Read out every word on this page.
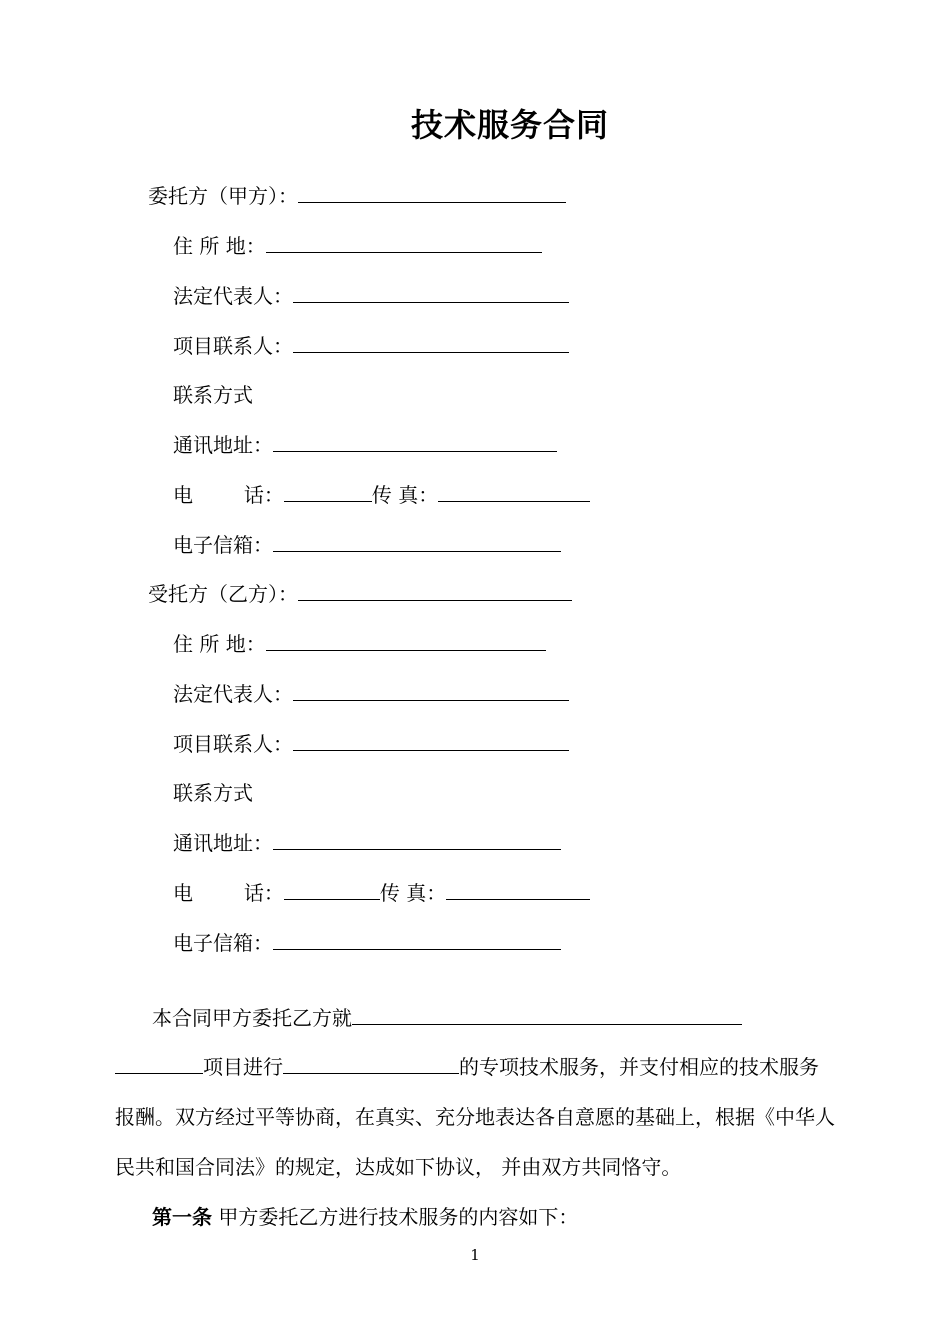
技术服务合同
委托方（甲方）：
住 所 地：
法定代表人：
项目联系人：
联系方式
通讯地址：
电        话：	传 真：
电子信箱：
受托方（乙方）：
住 所 地：
法定代表人：
项目联系人：
联系方式
通讯地址：
电        话：	传 真：
电子信箱：
本合同甲方委托乙方就
项目进行	的专项技术服务，并支付相应的技术服务
报酬。双方经过平等协商，在真实、充分地表达各自意愿的基础上，根据《中华人
民共和国合同法》的规定，达成如下协议， 并由双方共同恪守。
第一条 甲方委托乙方进行技术服务的内容如下：
1
